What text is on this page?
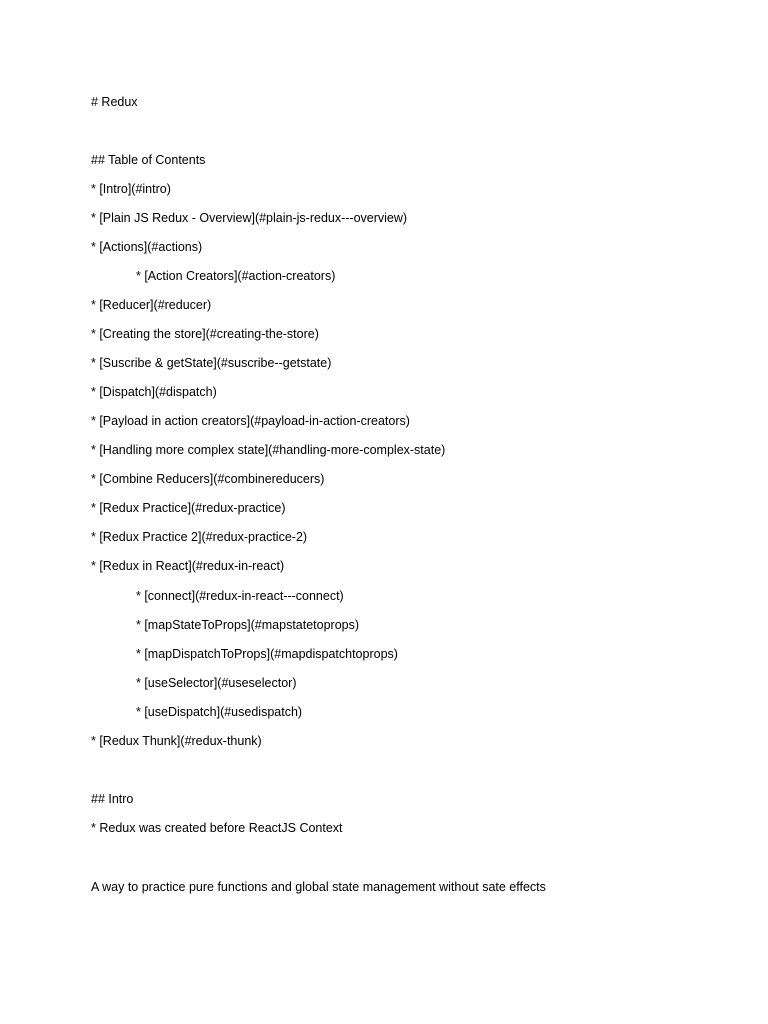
# Redux
## Table of Contents
* [Intro](#intro)
* [Plain JS Redux - Overview](#plain-js-redux---overview)
* [Actions](#actions)
* [Action Creators](#action-creators)
* [Reducer](#reducer)
* [Creating the store](#creating-the-store)
* [Suscribe & getState](#suscribe--getstate)
* [Dispatch](#dispatch)
* [Payload in action creators](#payload-in-action-creators)
* [Handling more complex state](#handling-more-complex-state)
* [Combine Reducers](#combinereducers)
* [Redux Practice](#redux-practice)
* [Redux Practice 2](#redux-practice-2)
* [Redux in React](#redux-in-react)
* [connect](#redux-in-react---connect)
* [mapStateToProps](#mapstatetoprops)
* [mapDispatchToProps](#mapdispatchtoprops)
* [useSelector](#useselector)
* [useDispatch](#usedispatch)
* [Redux Thunk](#redux-thunk)
## Intro
* Redux was created before ReactJS Context
A way to practice pure functions and global state management without sate effects
